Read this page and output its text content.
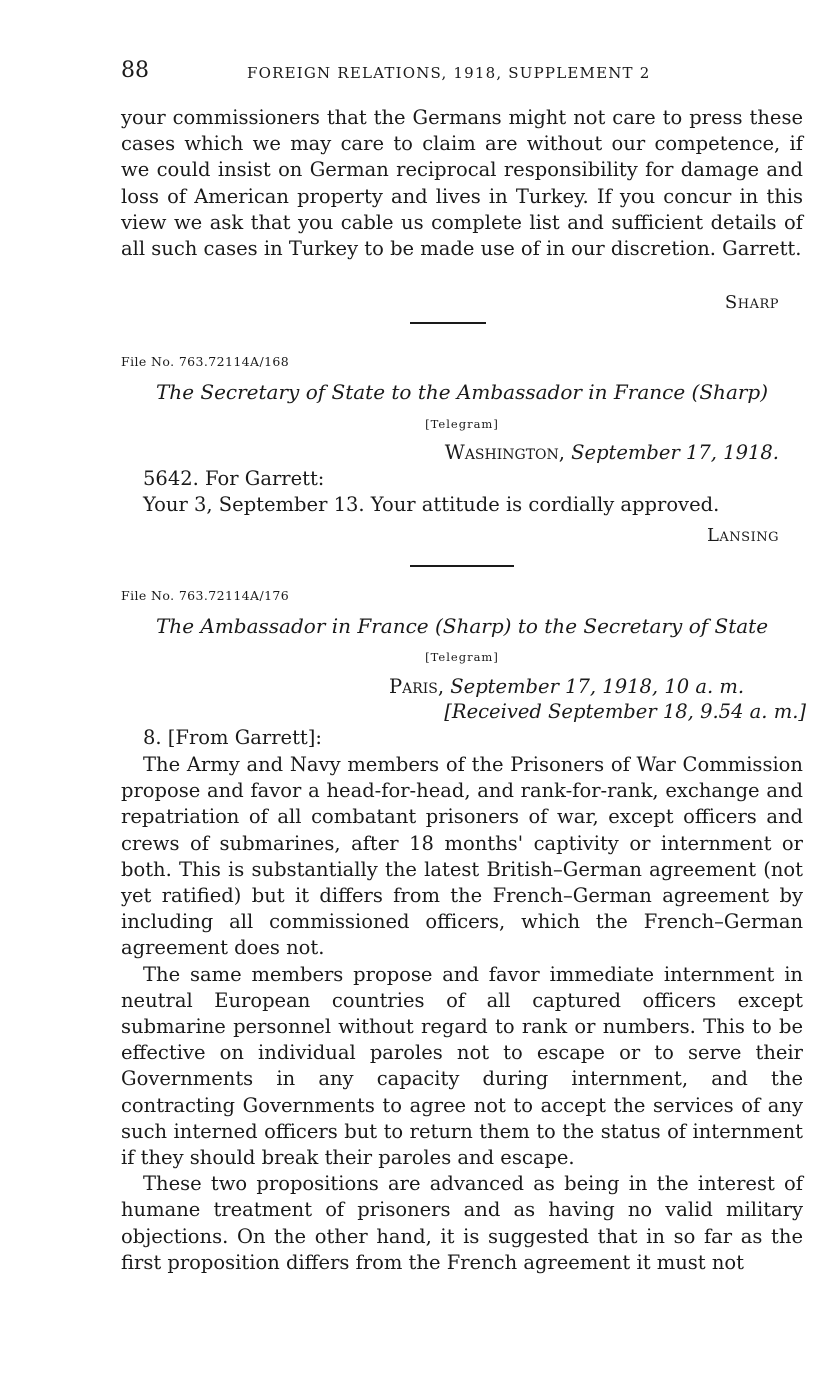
88	FOREIGN RELATIONS, 1918, SUPPLEMENT 2
your commissioners that the Germans might not care to press these cases which we may care to claim are without our competence, if we could insist on German reciprocal responsibility for damage and loss of American property and lives in Turkey. If you concur in this view we ask that you cable us complete list and sufficient details of all such cases in Turkey to be made use of in our discretion. Garrett.
Sharp
File No. 763.72114A/168
The Secretary of State to the Ambassador in France (Sharp)
[Telegram]
Washington, September 17, 1918.
5642. For Garrett:
Your 3, September 13. Your attitude is cordially approved.
Lansing
File No. 763.72114A/176
The Ambassador in France (Sharp) to the Secretary of State
[Telegram]
Paris, September 17, 1918, 10 a. m.
[Received September 18, 9.54 a. m.]
8. [From Garrett]:

The Army and Navy members of the Prisoners of War Commission propose and favor a head-for-head, and rank-for-rank, exchange and repatriation of all combatant prisoners of war, except officers and crews of submarines, after 18 months' captivity or internment or both. This is substantially the latest British–German agreement (not yet ratified) but it differs from the French–German agreement by including all commissioned officers, which the French–German agreement does not.

The same members propose and favor immediate internment in neutral European countries of all captured officers except submarine personnel without regard to rank or numbers. This to be effective on individual paroles not to escape or to serve their Governments in any capacity during internment, and the contracting Governments to agree not to accept the services of any such interned officers but to return them to the status of internment if they should break their paroles and escape.

These two propositions are advanced as being in the interest of humane treatment of prisoners and as having no valid military objections. On the other hand, it is suggested that in so far as the first proposition differs from the French agreement it must not
